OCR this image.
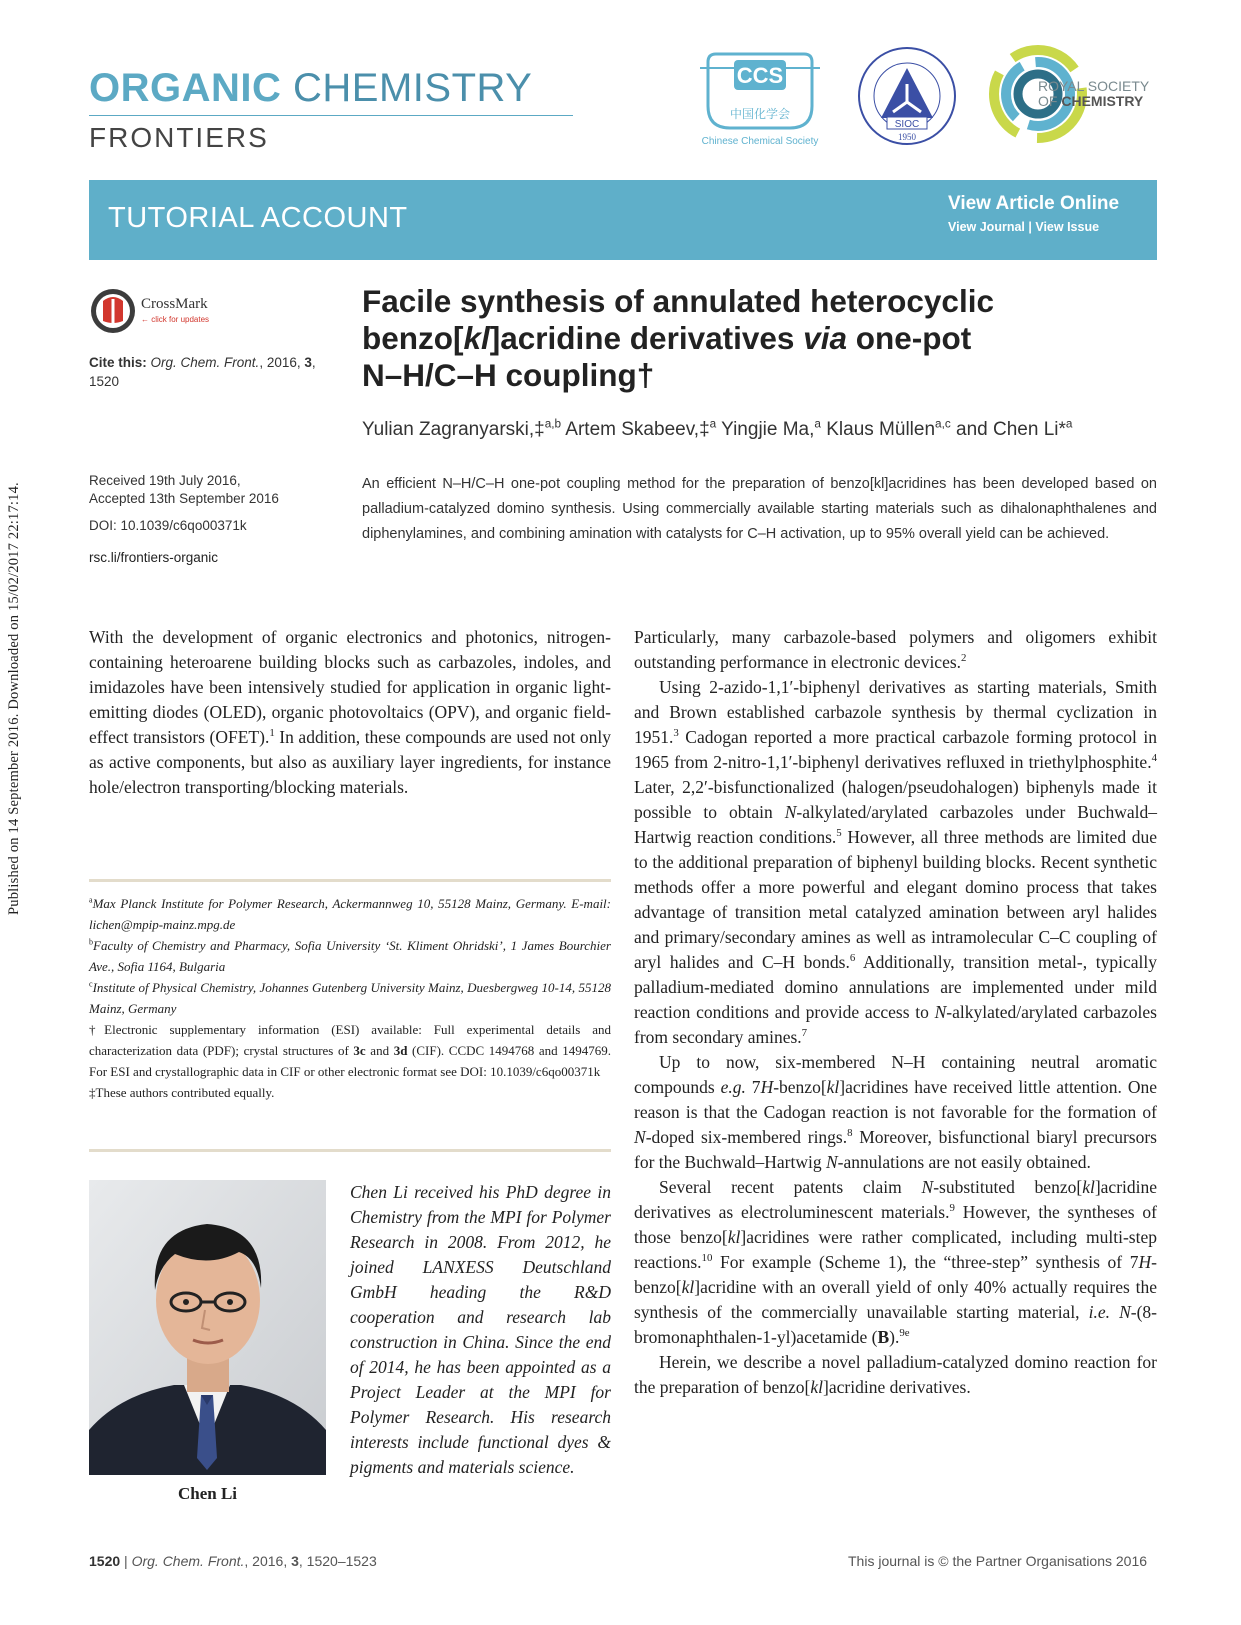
Published on 14 September 2016. Downloaded on 15/02/2017 22:17:14.
ORGANIC CHEMISTRY
FRONTIERS
CCS
中国化学会
Chinese Chemical Society
SIOC
1950
ROYAL SOCIETY
OF CHEMISTRY
TUTORIAL ACCOUNT	View Article Online
View Journal | View Issue
CrossMark
← click for updates
Cite this: Org. Chem. Front., 2016, 3, 1520
Facile synthesis of annulated heterocyclic
benzo[kl]acridine derivatives via one-pot
N–H/C–H coupling†
Yulian Zagranyarski,‡$^{a,b}$ Artem Skabeev,‡$^a$ Yingjie Ma,$^a$ Klaus Müllen$^{a,c}$ and Chen Li*$^a$
Received 19th July 2016,
Accepted 13th September 2016
DOI: 10.1039/c6qo00371k
rsc.li/frontiers-organic
An efficient N–H/C–H one-pot coupling method for the preparation of benzo[kl]acridines has been developed based on palladium-catalyzed domino synthesis. Using commercially available starting materials such as dihalonaphthalenes and diphenylamines, and combining amination with catalysts for C–H activation, up to 95% overall yield can be achieved.

With the development of organic electronics and photonics, nitrogen-containing heteroarene building blocks such as carbazoles, indoles, and imidazoles have been intensively studied for application in organic light-emitting diodes (OLED), organic photovoltaics (OPV), and organic field-effect transistors (OFET).$^1$ In addition, these compounds are used not only as active components, but also as auxiliary layer ingredients, for instance hole/electron transporting/blocking materials.

$^a$Max Planck Institute for Polymer Research, Ackermannweg 10, 55128 Mainz, Germany. E-mail: lichen@mpip-mainz.mpg.de

$^b$Faculty of Chemistry and Pharmacy, Sofia University ‘St. Kliment Ohridski’, 1 James Bourchier Ave., Sofia 1164, Bulgaria

$^c$Institute of Physical Chemistry, Johannes Gutenberg University Mainz, Duesbergweg 10-14, 55128 Mainz, Germany

†Electronic supplementary information (ESI) available: Full experimental details and characterization data (PDF); crystal structures of 3c and 3d (CIF). CCDC 1494768 and 1494769. For ESI and crystallographic data in CIF or other electronic format see DOI: 10.1039/c6qo00371k

‡These authors contributed equally.

Chen Li
Chen Li received his PhD degree in Chemistry from the MPI for Polymer Research in 2008. From 2012, he joined LANXESS Deutschland GmbH heading the R&D cooperation and research lab construction in China. Since the end of 2014, he has been appointed as a Project Leader at the MPI for Polymer Research. His research interests include functional dyes & pigments and materials science.

Particularly, many carbazole-based polymers and oligomers exhibit outstanding performance in electronic devices.$^2$

Using 2-azido-1,1′-biphenyl derivatives as starting materials, Smith and Brown established carbazole synthesis by thermal cyclization in 1951.$^3$ Cadogan reported a more practical carbazole forming protocol in 1965 from 2-nitro-1,1′-biphenyl derivatives refluxed in triethylphosphite.$^4$ Later, 2,2′-bisfunctionalized (halogen/pseudohalogen) biphenyls made it possible to obtain N-alkylated/arylated carbazoles under Buchwald–Hartwig reaction conditions.$^5$ However, all three methods are limited due to the additional preparation of biphenyl building blocks. Recent synthetic methods offer a more powerful and elegant domino process that takes advantage of transition metal catalyzed amination between aryl halides and primary/secondary amines as well as intramolecular C–C coupling of aryl halides and C–H bonds.$^6$ Additionally, transition metal-, typically palladium-mediated domino annulations are implemented under mild reaction conditions and provide access to N-alkylated/arylated carbazoles from secondary amines.$^7$

Up to now, six-membered N–H containing neutral aromatic compounds e.g. 7H-benzo[kl]acridines have received little attention. One reason is that the Cadogan reaction is not favorable for the formation of N-doped six-membered rings.$^8$ Moreover, bisfunctional biaryl precursors for the Buchwald–Hartwig N-annulations are not easily obtained.

Several recent patents claim N-substituted benzo[kl]acridine derivatives as electroluminescent materials.$^9$ However, the syntheses of those benzo[kl]acridines were rather complicated, including multi-step reactions.$^{10}$ For example (Scheme 1), the “three-step” synthesis of 7H-benzo[kl]acridine with an overall yield of only 40% actually requires the synthesis of the commercially unavailable starting material, i.e. N-(8-bromonaphthalen-1-yl)acetamide (B).$^{9e}$

Herein, we describe a novel palladium-catalyzed domino reaction for the preparation of benzo[kl]acridine derivatives.

1520 | Org. Chem. Front., 2016, 3, 1520–1523	This journal is © the Partner Organisations 2016
